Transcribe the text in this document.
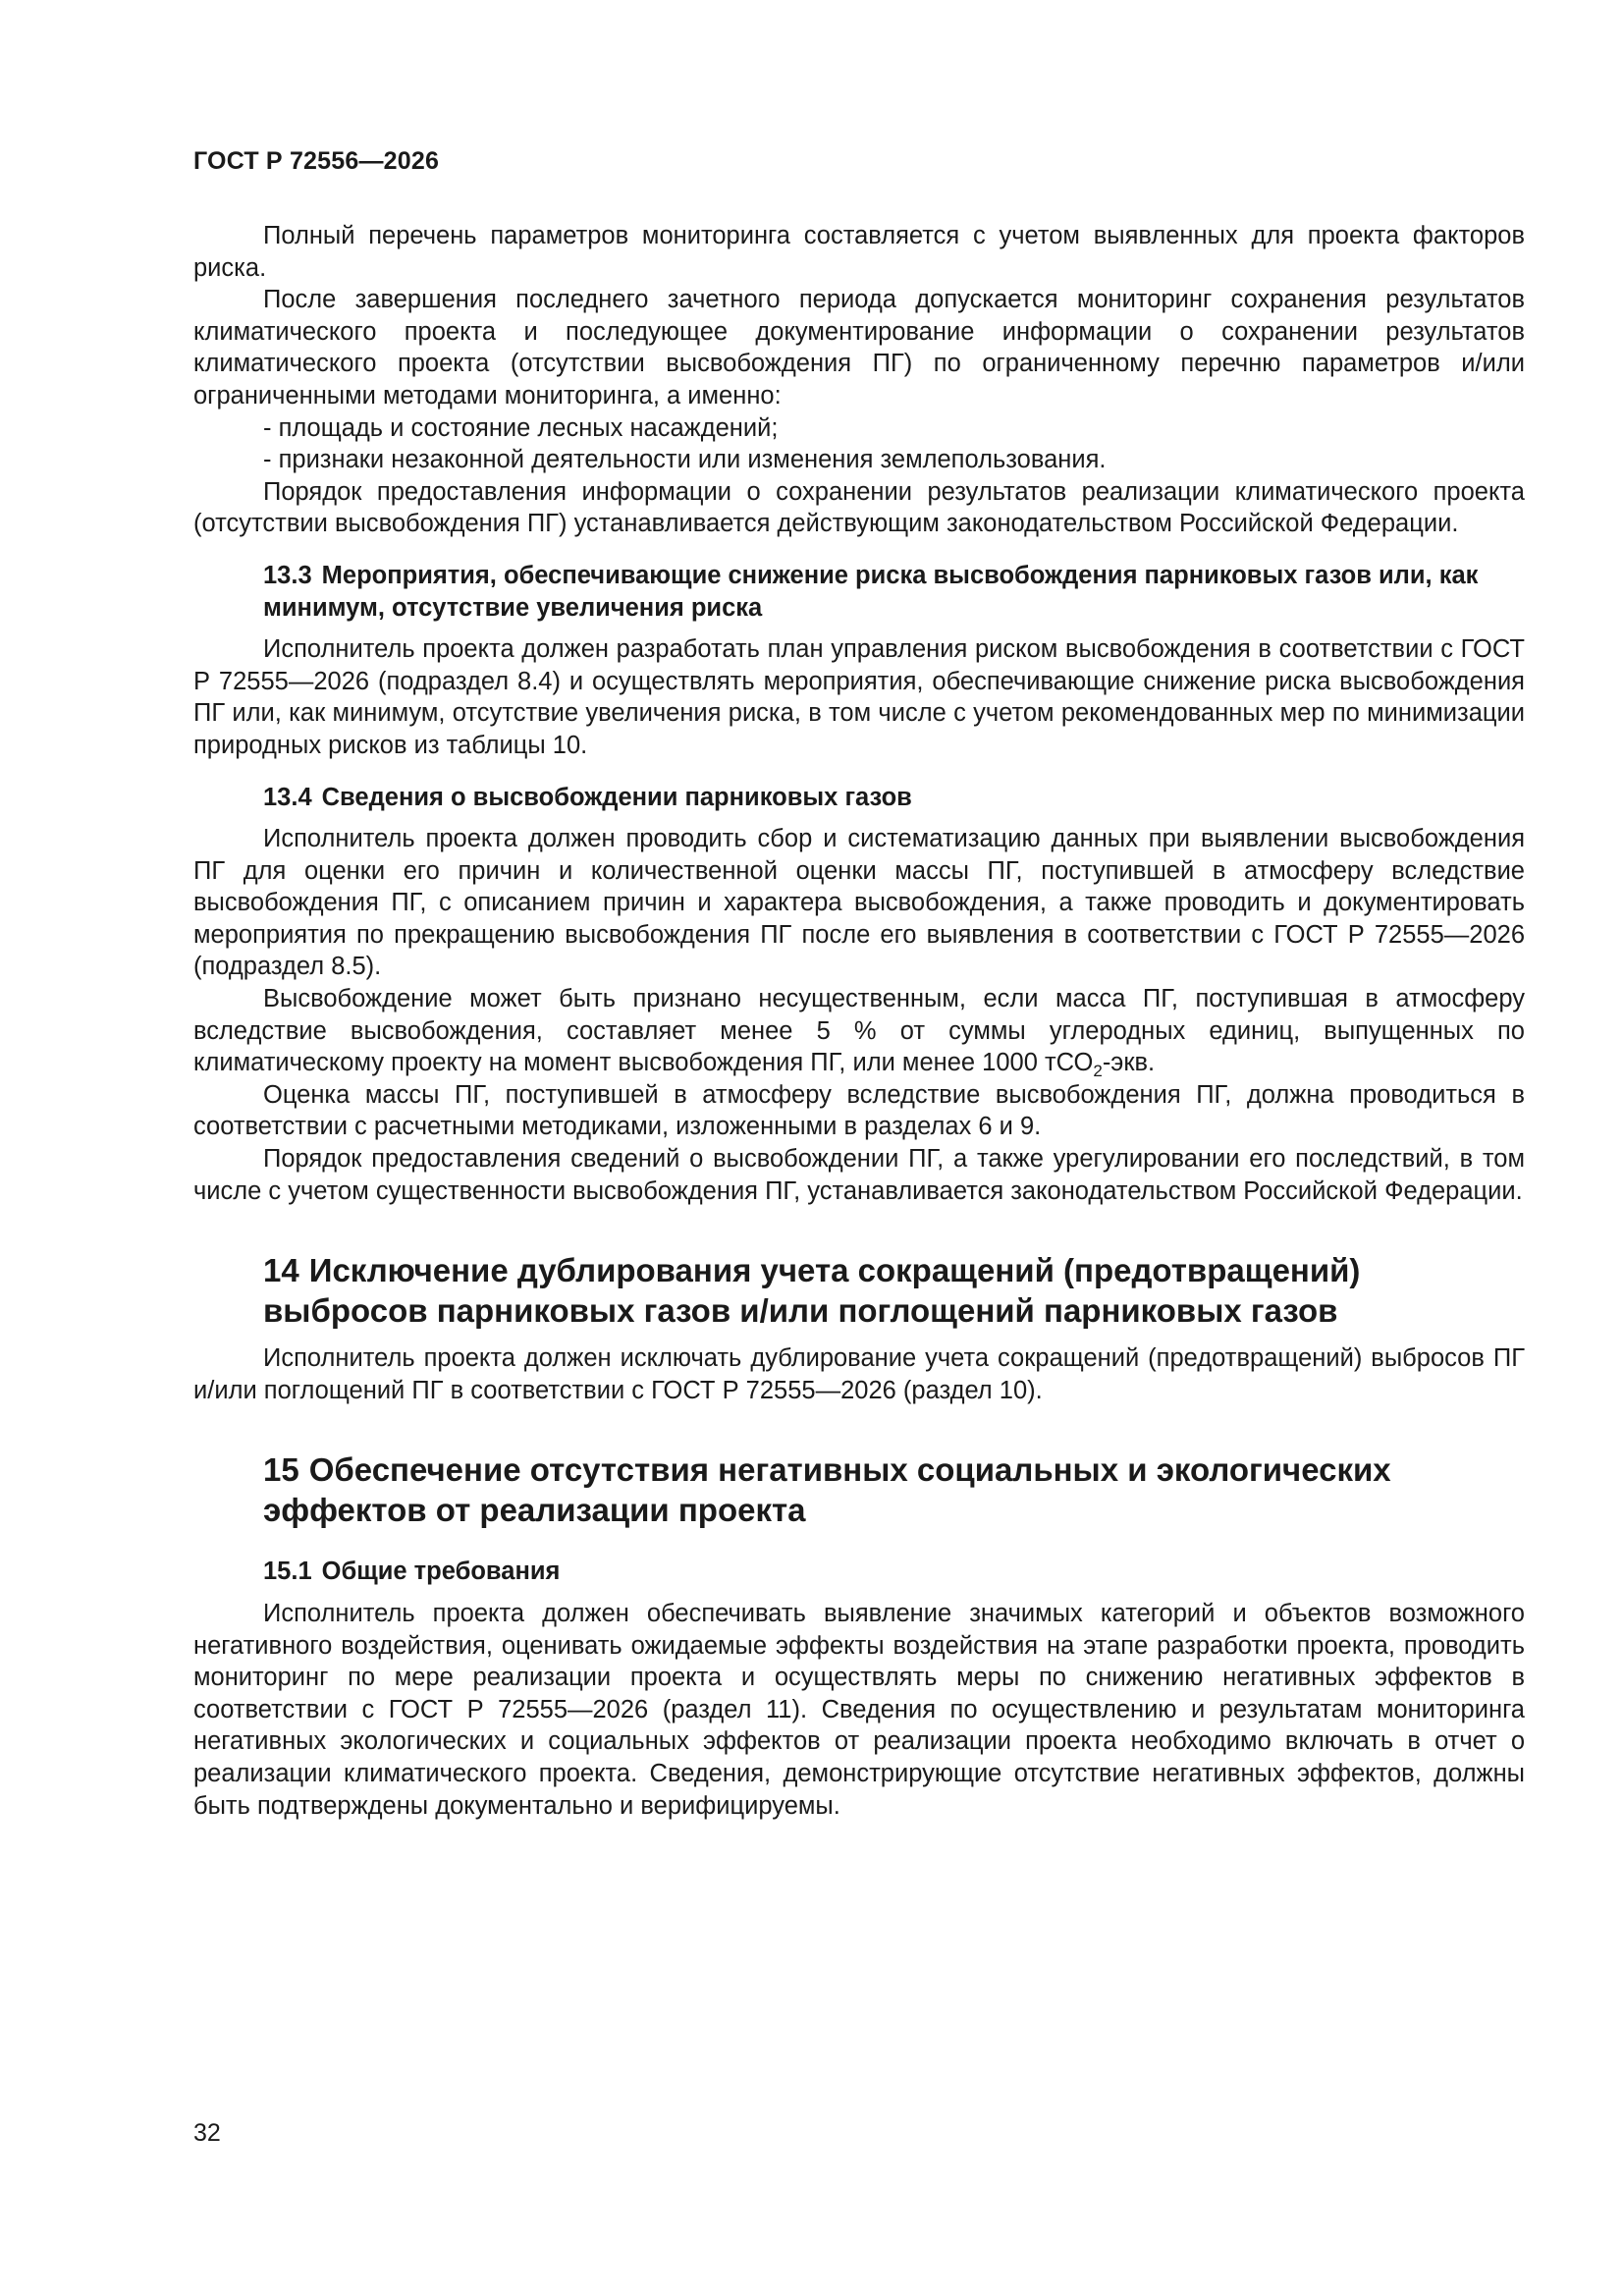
ГОСТ Р 72556—2026

Полный перечень параметров мониторинга составляется с учетом выявленных для проекта факторов риска.

После завершения последнего зачетного периода допускается мониторинг сохранения результатов климатического проекта и последующее документирование информации о сохранении результатов климатического проекта (отсутствии высвобождения ПГ) по ограниченному перечню параметров и/или ограниченными методами мониторинга, а именно:

- площадь и состояние лесных насаждений;

- признаки незаконной деятельности или изменения землепользования.

Порядок предоставления информации о сохранении результатов реализации климатического проекта (отсутствии высвобождения ПГ) устанавливается действующим законодательством Российской Федерации.

13.3 Мероприятия, обеспечивающие снижение риска высвобождения парниковых газов или, как минимум, отсутствие увеличения риска

Исполнитель проекта должен разработать план управления риском высвобождения в соответствии с ГОСТ Р 72555—2026 (подраздел 8.4) и осуществлять мероприятия, обеспечивающие снижение риска высвобождения ПГ или, как минимум, отсутствие увеличения риска, в том числе с учетом рекомендованных мер по минимизации природных рисков из таблицы 10.

13.4 Сведения о высвобождении парниковых газов

Исполнитель проекта должен проводить сбор и систематизацию данных при выявлении высвобождения ПГ для оценки его причин и количественной оценки массы ПГ, поступившей в атмосферу вследствие высвобождения ПГ, с описанием причин и характера высвобождения, а также проводить и документировать мероприятия по прекращению высвобождения ПГ после его выявления в соответствии с ГОСТ Р 72555—2026 (подраздел 8.5).

Высвобождение может быть признано несущественным, если масса ПГ, поступившая в атмосферу вследствие высвобождения, составляет менее 5 % от суммы углеродных единиц, выпущенных по климатическому проекту на момент высвобождения ПГ, или менее 1000 тСО$_2$-экв.

Оценка массы ПГ, поступившей в атмосферу вследствие высвобождения ПГ, должна проводиться в соответствии с расчетными методиками, изложенными в разделах 6 и 9.

Порядок предоставления сведений о высвобождении ПГ, а также урегулировании его последствий, в том числе с учетом существенности высвобождения ПГ, устанавливается законодательством Российской Федерации.

14 Исключение дублирования учета сокращений (предотвращений) выбросов парниковых газов и/или поглощений парниковых газов

Исполнитель проекта должен исключать дублирование учета сокращений (предотвращений) выбросов ПГ и/или поглощений ПГ в соответствии с ГОСТ Р 72555—2026 (раздел 10).

15 Обеспечение отсутствия негативных социальных и экологических эффектов от реализации проекта
15.1 Общие требования

Исполнитель проекта должен обеспечивать выявление значимых категорий и объектов возможного негативного воздействия, оценивать ожидаемые эффекты воздействия на этапе разработки проекта, проводить мониторинг по мере реализации проекта и осуществлять меры по снижению негативных эффектов в соответствии с ГОСТ Р 72555—2026 (раздел 11). Сведения по осуществлению и результатам мониторинга негативных экологических и социальных эффектов от реализации проекта необходимо включать в отчет о реализации климатического проекта. Сведения, демонстрирующие отсутствие негативных эффектов, должны быть подтверждены документально и верифицируемы.

32
